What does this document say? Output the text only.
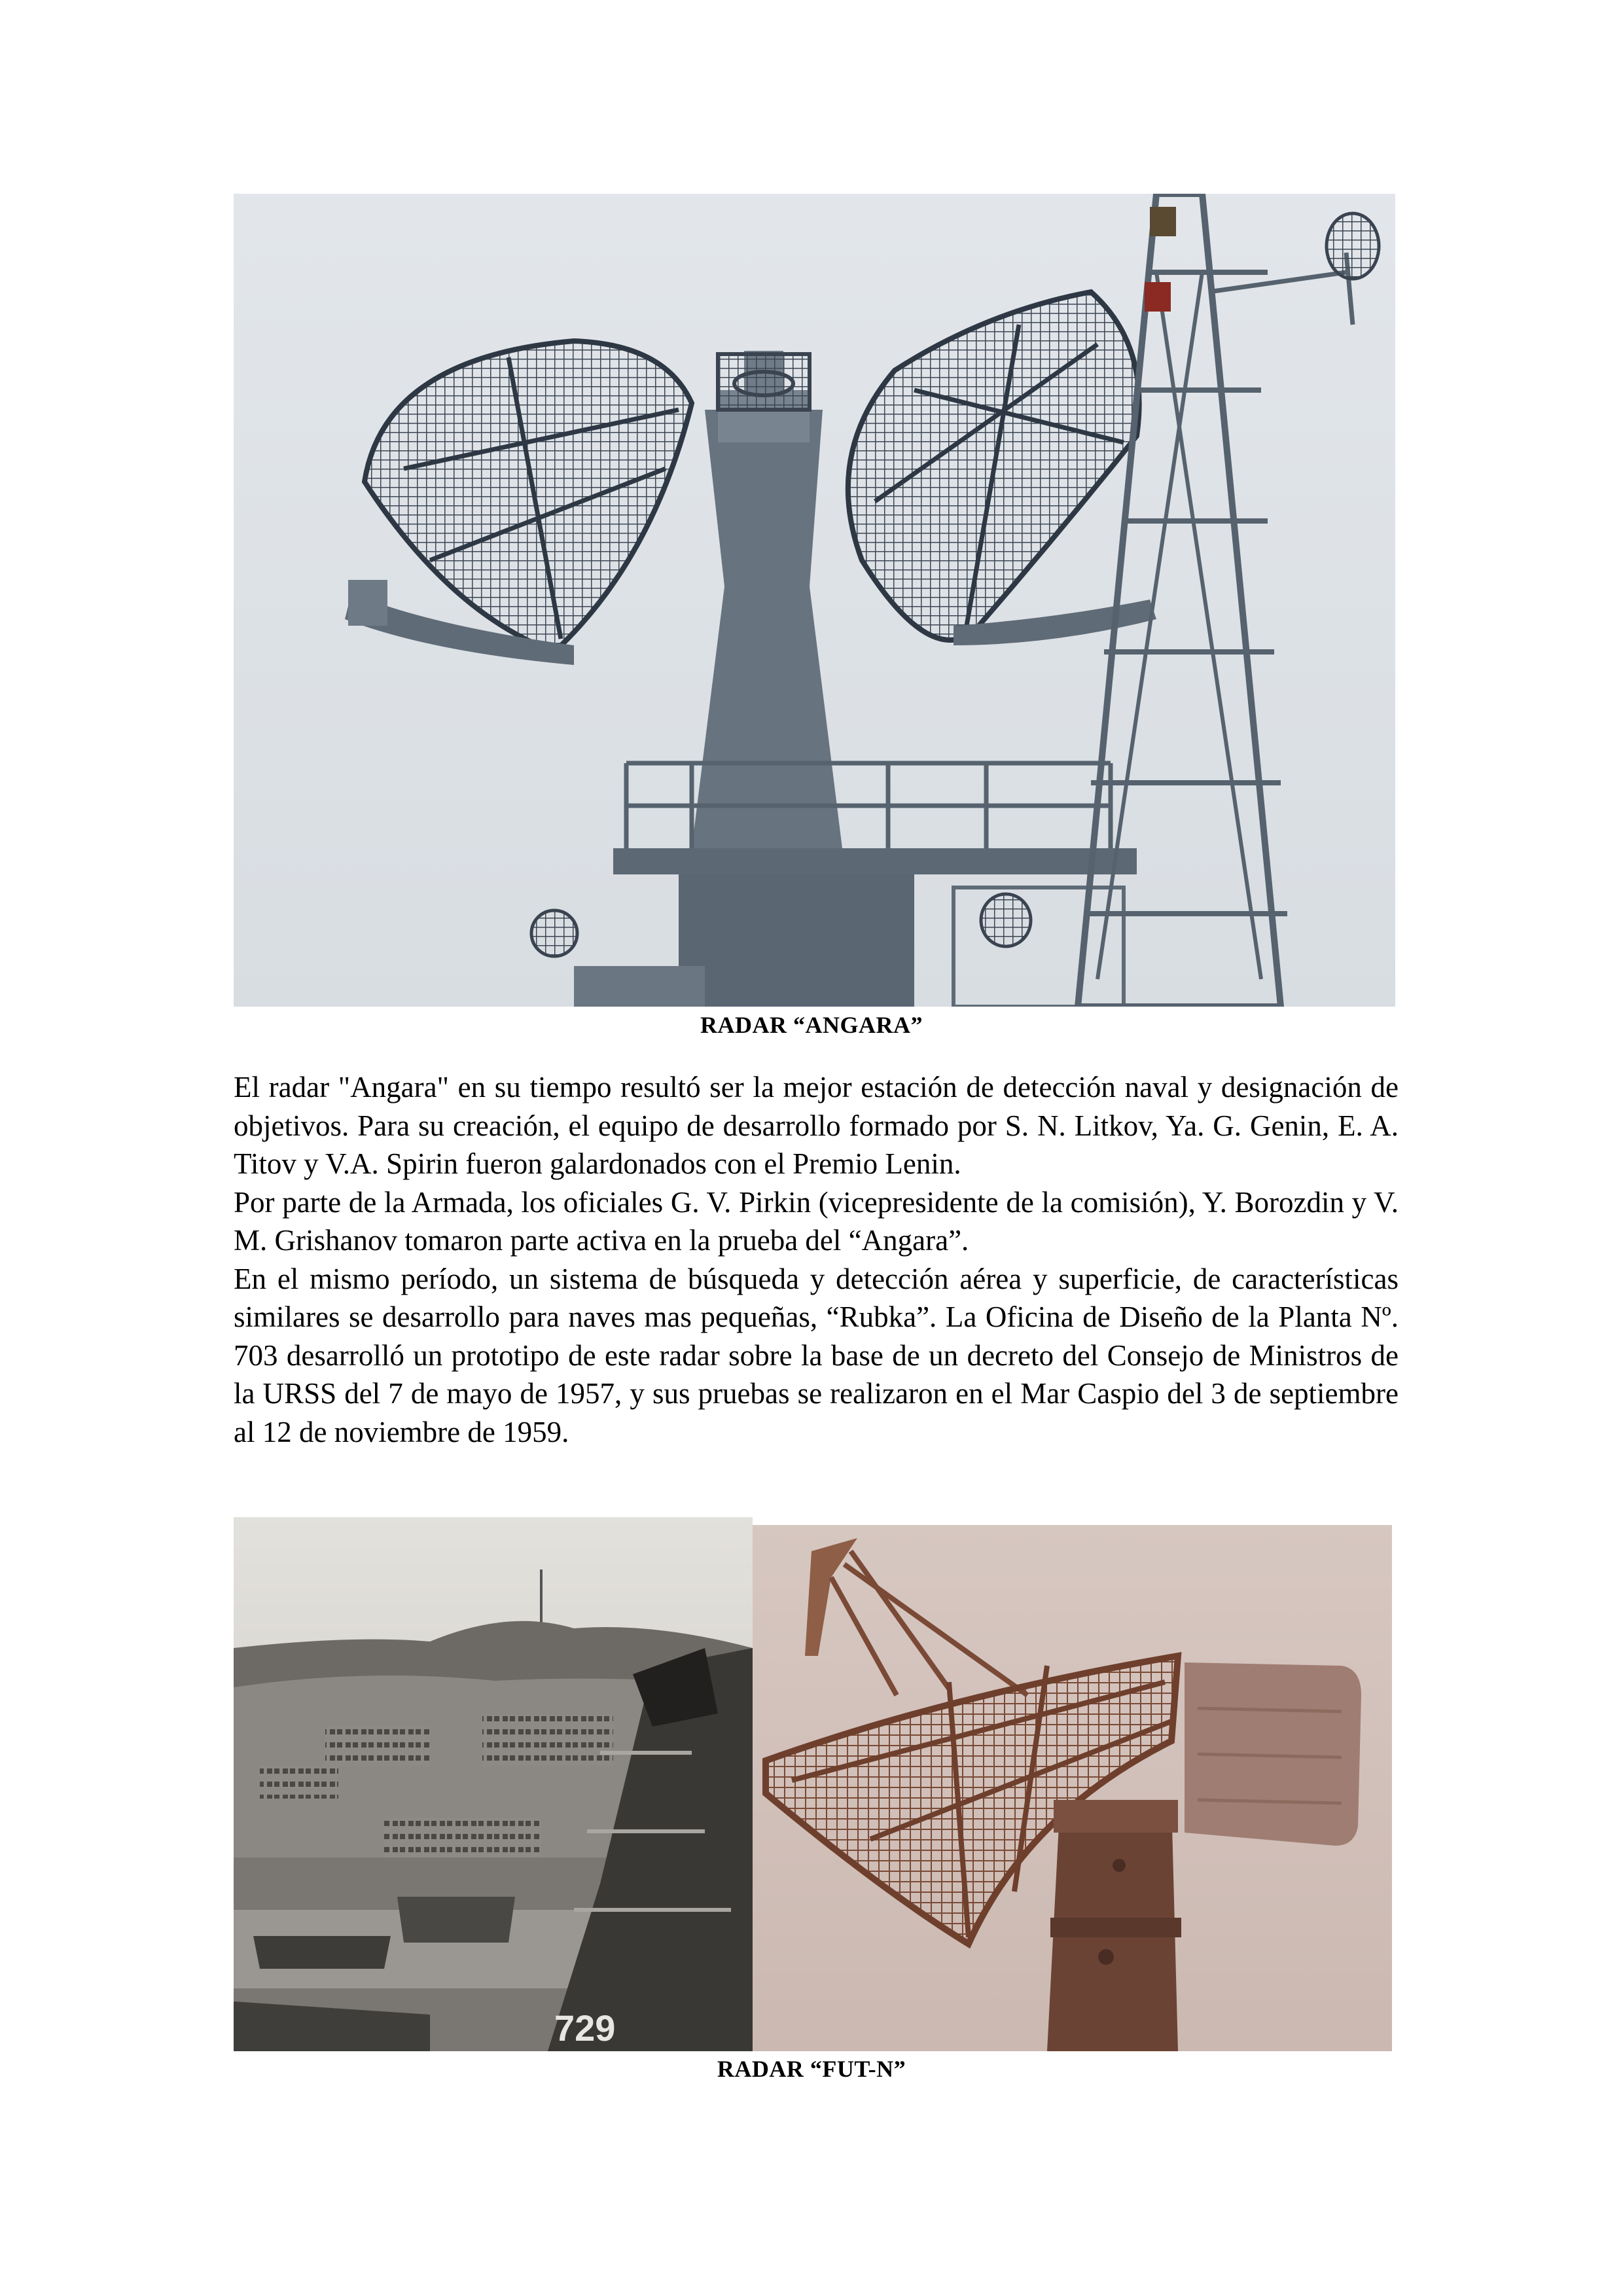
RADAR “ANGARA”

El radar "Angara" en su tiempo resultó ser la mejor estación de detección naval y designación de objetivos. Para su creación, el equipo de desarrollo formado por S. N. Litkov, Ya. G. Genin, E. A. Titov y V.A. Spirin fueron galardonados con el Premio Lenin.

Por parte de la Armada, los oficiales G. V. Pirkin (vicepresidente de la comisión), Y. Borozdin y V. M. Grishanov tomaron parte activa en la prueba del “Angara”.

En el mismo período, un sistema de búsqueda y detección aérea y superficie, de características similares se desarrollo para naves mas pequeñas, “Rubka”. La Oficina de Diseño de la Planta Nº. 703 desarrolló un prototipo de este radar sobre la base de un decreto del Consejo de Ministros de la URSS del 7 de mayo de 1957, y sus pruebas se realizaron en el Mar Caspio del 3 de septiembre al 12 de noviembre de 1959.

729
RADAR “FUT-N”
